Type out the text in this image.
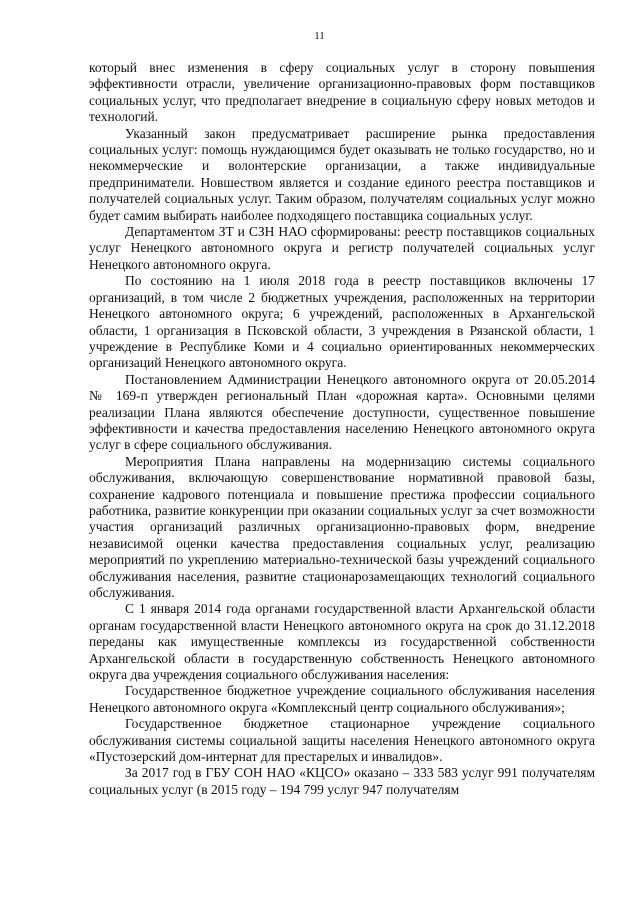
11

который внес изменения в сферу социальных услуг в сторону повышения эффективности отрасли, увеличение организационно-правовых форм поставщиков социальных услуг, что предполагает внедрение в социальную сферу новых методов и технологий.

Указанный закон предусматривает расширение рынка предоставления социальных услуг: помощь нуждающимся будет оказывать не только государство, но и некоммерческие и волонтерские организации, а также индивидуальные предприниматели. Новшеством является и создание единого реестра поставщиков и получателей социальных услуг. Таким образом, получателям социальных услуг можно будет самим выбирать наиболее подходящего поставщика социальных услуг.

Департаментом ЗТ и СЗН НАО сформированы: реестр поставщиков социальных услуг Ненецкого автономного округа и регистр получателей социальных услуг Ненецкого автономного округа.

По состоянию на 1 июля 2018 года в реестр поставщиков включены 17 организаций, в том числе 2 бюджетных учреждения, расположенных на территории Ненецкого автономного округа; 6 учреждений, расположенных в Архангельской области, 1 организация в Псковской области, 3 учреждения в Рязанской области, 1 учреждение в Республике Коми и 4 социально ориентированных некоммерческих организаций Ненецкого автономного округа.

Постановлением Администрации Ненецкого автономного округа от 20.05.2014 № 169-п утвержден региональный План «дорожная карта». Основными целями реализации Плана являются обеспечение доступности, существенное повышение эффективности и качества предоставления населению Ненецкого автономного округа услуг в сфере социального обслуживания.

Мероприятия Плана направлены на модернизацию системы социального обслуживания, включающую совершенствование нормативной правовой базы, сохранение кадрового потенциала и повышение престижа профессии социального работника, развитие конкуренции при оказании социальных услуг за счет возможности участия организаций различных организационно-правовых форм, внедрение независимой оценки качества предоставления социальных услуг, реализацию мероприятий по укреплению материально-технической базы учреждений социального обслуживания населения, развитие стационарозамещающих технологий социального обслуживания.

С 1 января 2014 года органами государственной власти Архангельской области органам государственной власти Ненецкого автономного округа на срок до 31.12.2018 переданы как имущественные комплексы из государственной собственности Архангельской области в государственную собственность Ненецкого автономного округа два учреждения социального обслуживания населения:

Государственное бюджетное учреждение социального обслуживания населения Ненецкого автономного округа «Комплексный центр социального обслуживания»;

Государственное бюджетное стационарное учреждение социального обслуживания системы социальной защиты населения Ненецкого автономного округа «Пустозерский дом-интернат для престарелых и инвалидов».

За 2017 год в ГБУ СОН НАО «КЦСО» оказано – 333 583 услуг 991 получателям социальных услуг (в 2015 году – 194 799 услуг 947 получателям
